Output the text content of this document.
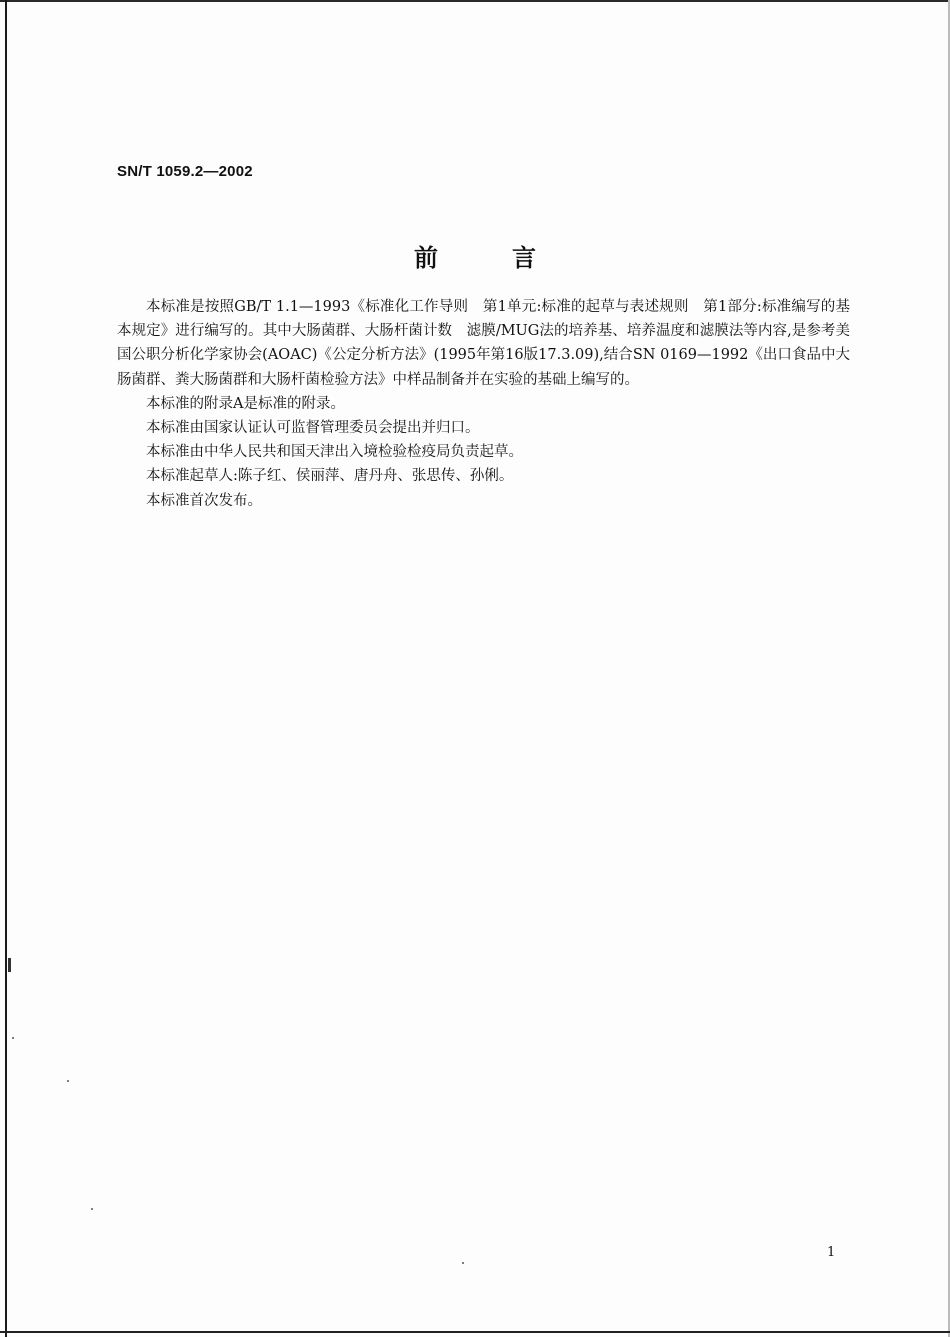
SN/T 1059.2—2002
前言

本标准是按照GB/T 1.1—1993《标准化工作导则　第1单元:标准的起草与表述规则　第1部分:标准编写的基本规定》进行编写的。其中大肠菌群、大肠杆菌计数　滤膜/MUG法的培养基、培养温度和滤膜法等内容,是参考美国公职分析化学家协会(AOAC)《公定分析方法》(1995年第16版17.3.09),结合SN 0169—1992《出口食品中大肠菌群、粪大肠菌群和大肠杆菌检验方法》中样品制备并在实验的基础上编写的。

本标准的附录A是标准的附录。

本标准由国家认证认可监督管理委员会提出并归口。

本标准由中华人民共和国天津出入境检验检疫局负责起草。

本标准起草人:陈子红、侯丽萍、唐丹舟、张思传、孙俐。

本标准首次发布。

1
